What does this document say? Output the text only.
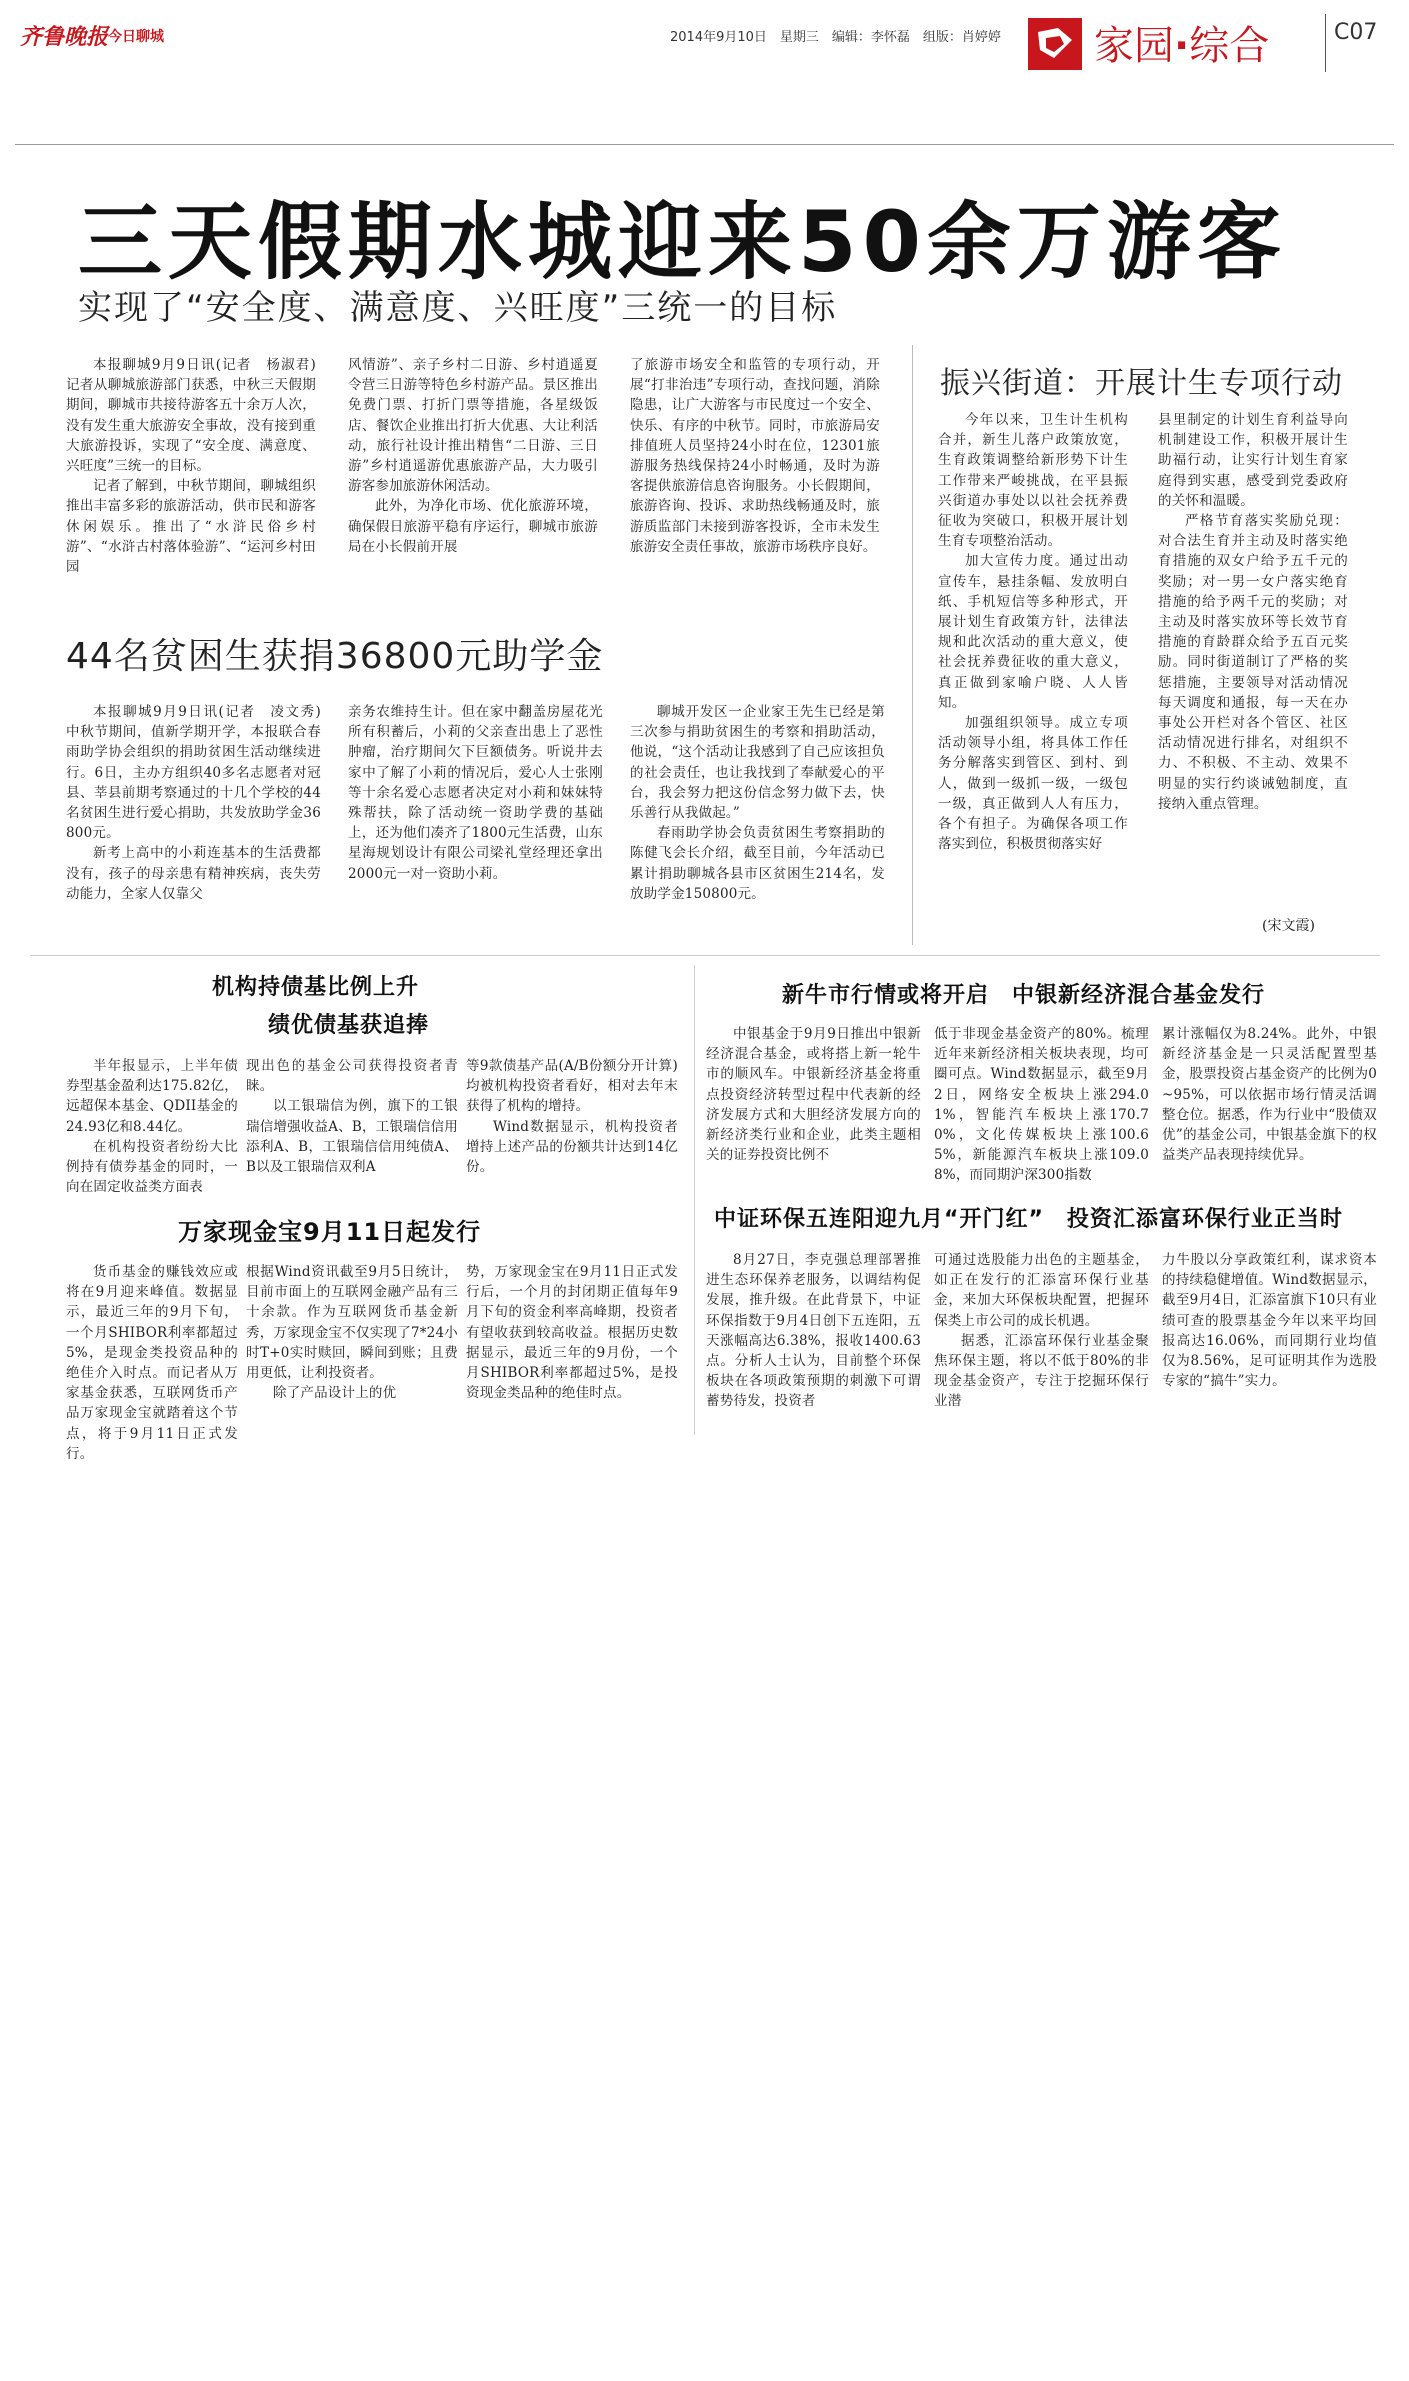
齐鲁晚报 今日聊城	2014年9月10日　星期三　编辑：李怀磊　组版：肖婷婷 家园·综合	C07
三天假期水城迎来50余万游客
实现了“安全度、满意度、兴旺度”三统一的目标

本报聊城9月9日讯(记者　杨淑君)　记者从聊城旅游部门获悉，中秋三天假期期间，聊城市共接待游客五十余万人次，没有发生重大旅游安全事故，没有接到重大旅游投诉，实现了“安全度、满意度、兴旺度”三统一的目标。

记者了解到，中秋节期间，聊城组织推出丰富多彩的旅游活动，供市民和游客休闲娱乐。推出了“水浒民俗乡村游”、“水浒古村落体验游”、“运河乡村田园

风情游”、亲子乡村二日游、乡村逍遥夏令营三日游等特色乡村游产品。景区推出免费门票、打折门票等措施，各星级饭店、餐饮企业推出打折大优惠、大让利活动，旅行社设计推出精售“二日游、三日游”乡村逍遥游优惠旅游产品，大力吸引游客参加旅游休闲活动。

此外，为净化市场、优化旅游环境，确保假日旅游平稳有序运行，聊城市旅游局在小长假前开展

了旅游市场安全和监管的专项行动，开展“打非治违”专项行动，查找问题，消除隐患，让广大游客与市民度过一个安全、快乐、有序的中秋节。同时，市旅游局安排值班人员坚持24小时在位，12301旅游服务热线保持24小时畅通，及时为游客提供旅游信息咨询服务。小长假期间，旅游咨询、投诉、求助热线畅通及时，旅游质监部门未接到游客投诉，全市未发生旅游安全责任事故，旅游市场秩序良好。

44名贫困生获捐36800元助学金

本报聊城9月9日讯(记者　凌文秀)　中秋节期间，值新学期开学，本报联合春雨助学协会组织的捐助贫困生活动继续进行。6日，主办方组织40多名志愿者对冠县、莘县前期考察通过的十几个学校的44名贫困生进行爱心捐助，共发放助学金36800元。

新考上高中的小莉连基本的生活费都没有，孩子的母亲患有精神疾病，丧失劳动能力，全家人仅靠父

亲务农维持生计。但在家中翻盖房屋花光所有积蓄后，小莉的父亲查出患上了恶性肿瘤，治疗期间欠下巨额债务。听说井去家中了解了小莉的情况后，爱心人士张刚等十余名爱心志愿者决定对小莉和妹妹特殊帮扶，除了活动统一资助学费的基础上，还为他们凑齐了1800元生活费，山东星海规划设计有限公司梁礼堂经理还拿出2000元一对一资助小莉。

聊城开发区一企业家王先生已经是第三次参与捐助贫困生的考察和捐助活动，他说，“这个活动让我感到了自己应该担负的社会责任，也让我找到了奉献爱心的平台，我会努力把这份信念努力做下去，快乐善行从我做起。”

春雨助学协会负责贫困生考察捐助的陈健飞会长介绍，截至目前，今年活动已累计捐助聊城各县市区贫困生214名，发放助学金150800元。

振兴街道：开展计生专项行动

今年以来，卫生计生机构合并，新生儿落户政策放宽，生育政策调整给新形势下计生工作带来严峻挑战，在平县振兴街道办事处以以社会抚养费征收为突破口，积极开展计划生育专项整治活动。

加大宣传力度。通过出动宣传车，悬挂条幅、发放明白纸、手机短信等多种形式，开展计划生育政策方针，法律法规和此次活动的重大意义，使社会抚养费征收的重大意义，真正做到家喻户晓、人人皆知。

加强组织领导。成立专项活动领导小组，将具体工作任务分解落实到管区、到村、到人，做到一级抓一级，一级包一级，真正做到人人有压力，各个有担子。为确保各项工作落实到位，积极贯彻落实好

县里制定的计划生育利益导向机制建设工作，积极开展计生助福行动，让实行计划生育家庭得到实惠，感受到党委政府的关怀和温暖。

严格节育落实奖励兑现：对合法生育并主动及时落实绝育措施的双女户给予五千元的奖励；对一男一女户落实绝育措施的给予两千元的奖励；对主动及时落实放环等长效节育措施的育龄群众给予五百元奖励。同时街道制订了严格的奖惩措施，主要领导对活动情况每天调度和通报，每一天在办事处公开栏对各个管区、社区活动情况进行排名，对组织不力、不积极、不主动、效果不明显的实行约谈诫勉制度，直接纳入重点管理。

(宋文霞)
机构持债基比例上升
绩优债基获追捧

半年报显示，上半年债券型基金盈利达175.82亿，远超保本基金、QDII基金的24.93亿和8.44亿。

在机构投资者纷纷大比例持有债券基金的同时，一向在固定收益类方面表

现出色的基金公司获得投资者青睐。

以工银瑞信为例，旗下的工银瑞信增强收益A、B，工银瑞信信用添利A、B，工银瑞信信用纯债A、B以及工银瑞信双利A

等9款债基产品(A/B份额分开计算)均被机构投资者看好，相对去年末获得了机构的增持。

Wind数据显示，机构投资者增持上述产品的份额共计达到14亿份。

万家现金宝9月11日起发行

货币基金的赚钱效应或将在9月迎来峰值。数据显示，最近三年的9月下旬，一个月SHIBOR利率都超过5%，是现金类投资品种的绝佳介入时点。而记者从万家基金获悉，互联网货币产品万家现金宝就踏着这个节点，将于9月11日正式发行。

根据Wind资讯截至9月5日统计，目前市面上的互联网金融产品有三十余款。作为互联网货币基金新秀，万家现金宝不仅实现了7*24小时T+0实时赎回，瞬间到账；且费用更低，让利投资者。

除了产品设计上的优

势，万家现金宝在9月11日正式发行后，一个月的封闭期正值每年9月下旬的资金利率高峰期，投资者有望收获到较高收益。根据历史数据显示，最近三年的9月份，一个月SHIBOR利率都超过5%，是投资现金类品种的绝佳时点。

新牛市行情或将开启　中银新经济混合基金发行

中银基金于9月9日推出中银新经济混合基金，或将搭上新一轮牛市的顺风车。中银新经济基金将重点投资经济转型过程中代表新的经济发展方式和大胆经济发展方向的新经济类行业和企业，此类主题相关的证券投资比例不

低于非现金基金资产的80%。梳理近年来新经济相关板块表现，均可圈可点。Wind数据显示，截至9月2日，网络安全板块上涨294.01%，智能汽车板块上涨170.70%，文化传媒板块上涨100.65%，新能源汽车板块上涨109.08%，而同期沪深300指数

累计涨幅仅为8.24%。此外，中银新经济基金是一只灵活配置型基金，股票投资占基金资产的比例为0~95%，可以依据市场行情灵活调整仓位。据悉，作为行业中“股债双优”的基金公司，中银基金旗下的权益类产品表现持续优异。

中证环保五连阳迎九月“开门红”　投资汇添富环保行业正当时

8月27日，李克强总理部署推进生态环保养老服务，以调结构促发展，推升级。在此背景下，中证环保指数于9月4日创下五连阳，五天涨幅高达6.38%，报收1400.63点。分析人士认为，目前整个环保板块在各项政策预期的刺激下可谓蓄势待发，投资者

可通过选股能力出色的主题基金，如正在发行的汇添富环保行业基金，来加大环保板块配置，把握环保类上市公司的成长机遇。

据悉，汇添富环保行业基金聚焦环保主题，将以不低于80%的非现金基金资产，专注于挖掘环保行业潜

力牛股以分享政策红利，谋求资本的持续稳健增值。Wind数据显示，截至9月4日，汇添富旗下10只有业绩可查的股票基金今年以来平均回报高达16.06%，而同期行业均值仅为8.56%，足可证明其作为选股专家的“搞牛”实力。
